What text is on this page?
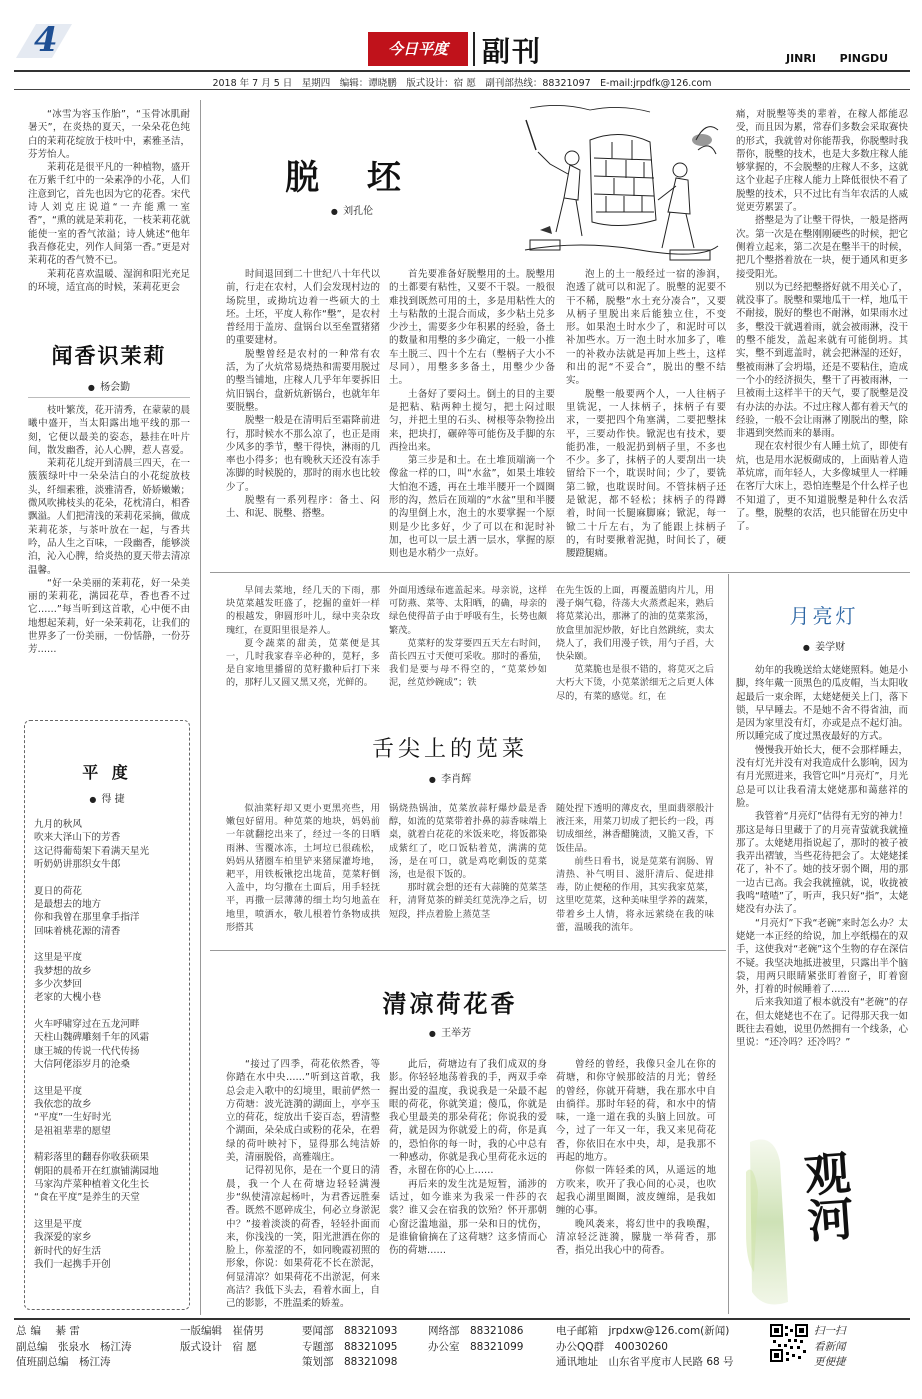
4	今日平度	副刊	JINRI PINGDU
2018 年 7 月 5 日　星期四　编辑：谭晓鹏　版式设计：宿 愿　副刊部热线：88321097　E-mail:jrpdfk@126.com

“冰雪为容玉作胎”，“玉骨冰肌耐暑天”，在炎热的夏天，一朵朵花色纯白的茉莉花绽放于枝叶中，素雅圣洁，芬芳怡人。

茉莉花是很平凡的一种植物，盛开在万紫千红中的一朵素净的小花，人们注意到它，首先也因为它的花香。宋代诗人刘克庄说道“一卉能熏一室香”，“熏的就是茉莉花，一枝茉莉花就能使一室的香气浓溢；诗人姚述“他年我吾修花史，列作人间第一香。”更是对茉莉花的香气赞不已。

茉莉花喜欢温暖、湿润和阳光充足的环境，适宜高的时候，茉莉花更会

闻香识茉莉
● 杨会勤

枝叶繁茂，花开清秀，在蒙蒙的晨曦中盛开，当太阳露出地平线的那一刻，它便以最美的姿态，悬挂在叶片间，散发幽香，沁人心脾，惹人喜爱。

茉莉花儿绽开到清晨三四天，在一簇簇绿叶中一朵朵洁白的小花绽放枝头，纤细素雅，淡雅清香，娇娇嫩嫩；微风吹拂枝头的花朵，花枕清白，相香飘溢。人们把清浅的茉莉花采摘，做成茉莉花茶，与茶叶放在一起，与香共吟，品人生之百味，一段幽香，能够淡泊，沁入心脾，给炎热的夏天带去清凉温馨。

“好一朵美丽的茉莉花，好一朵美丽的茉莉花，满园花草，香也香不过它……”每当听到这首歌，心中便不由地想起茉莉，好一朵茉莉花，让我们的世界多了一份美丽，一份恬静，一份芬芳……

平 度
● 得 捷
九月的秋风
吹来大泽山下的芳香
这记得葡萄架下看满天星光
听奶奶讲那织女牛郎
夏日的荷花
是最想去的地方
你和我曾在那里拿手指洋
回味着桃花源的清香
这里是平度
我梦想的故乡
多少次梦回
老家的大槐小巷
火车呼啸穿过在五龙河畔
天柱山魏碑雕刻千年的风霜
康王城的传说一代代传扬
大信阿佬添岁月的沧桑
这里是平度
我依恋的故乡
“平度”一生好时光
是祖祖辈辈的愿望
精彩落里的翻春你收获硕果
朝阳的晨希开在红旗铺满园地
马家沟芹菜种植着文化生长
“食在平度”是养生的天堂
这里是平度
我深爱的家乡
新时代的好生活
我们一起携手开创
脱 坯
● 刘孔伦

时间退回到二十世纪八十年代以前，行走在农村，人们会发现村边的场院里，或拗坑边着一些硕大的土坯。土坯，平度人称作“墼”，是农村普经用于盖房、盘锅台以至垒置猪猪的重要建材。

脱墼曾经是农村的一种常有农活，为了火炕常易烧热和需要用脱过的墼当铺地，庄稼人几乎年年要拆旧炕旧锅台，盘新炕新锅台，也就年年要脱墼。

脱墼一般是在清明后至霜降前进行，那时候水不那么凉了，也正是雨少风多的季节，墼干得快，淋雨的几率也小得多；也有晚秋天还没有冻手冻脚的时候脱的，那时的雨水也比较少了。

脱墼有一系列程序：备土、闷土、和泥、脱墼、搭墼。

首先要准备好脱墼用的土。脱墼用的土都要有粘性，又要不干裂。一般很难找到既然可用的土，多是用粘性大的土与粘散的土混合而成，多少粘土兑多少沙土，需要多少年积累的经验，备土的数量和用墼的多少确定，一般一小推车土脱三、四十个左右（墼柄子大小不尽同），用墼多多备土，用墼少少备土。

土备好了要闷土。倒土的目的主要是把粘、粘两种土搅匀，把土闷过眼匀，并把土里的石头、树根等杂物捡出来，把块打，碾碎等可能伤及手脚的东西捡出来。

第三步是和土。在土堆顶端滴一个像盆一样的口，叫“水盆”，如果土堆较大怕泡不透，再在土堆半腰开一个圆圈形的沟，然后在顶端的“水盆”里和半腰的沟里倒上水，泡土的水要掌握一个原则是少比多好，少了可以在和泥时补加，也可以一层土洒一层水，掌握的原则也是水稍少一点好。

泡上的土一般经过一宿的渗润，泡透了就可以和泥了。脱墼的泥要不干不稀，脱墼“水土充分凑合”，又要从柄子里脱出来后能独立住，不变形。如果泡土时水少了，和泥时可以补加些水。万一泡土时水加多了，唯一的补救办法就是再加上些土，这样和出的泥“不妥合”，脱出的墼不结实。

脱墼一般要两个人，一人往柄子里铣泥，一人抹柄子，抹柄子有要求，一要把四个角塞满，二要把墼抹平，三要动作快。锨泥也有技术，要能扔准，一般泥扔到柄子里，不多也不少。多了，抹柄子的人要刮出一块留给下一个，耽误时间；少了，要铣第二锨，也耽误时间。不管抹柄子还是锨泥，都不轻松；抹柄子的得蹲着，时间一长腿麻脚麻；锨泥，每一锨二十斤左右，为了能跟上抹柄子的，有时要揪着泥抛，时间长了，硬腰蹬腿痛。

痛，对脱墼等类的辈着，在稼人都能忍受，而且因为累，常春们多数会采取赛快的形式，我就曾对你能帮我，你脱墼时我帮你，脱墼的技术，也是大多数庄稼人能够掌握的，不会脱墼的庄稼人不多，这就这个业起子庄稼人能力上降低很快不看了脱墼的技术，只不过比有当年农活的人威觉更劳累罢了。

搭墼是为了让墼干得快，一般是搭两次。第一次是在墼刚刚硬些的时候，把它侧着立起来，第二次是在墼半干的时候，把几个墼搭着放在一块，便于通风和更多接受阳光。

别以为已经把墼搭好就不用关心了，就没事了。脱墼和粟地瓜干一样，地瓜干不耐接，脱好的墼也不耐淋，如果雨水过多，墼没干就遇着雨，就会被雨淋，没干的墼不能发，盖起来就有可能倒坍。其实，墼不到遮盖时，就会把淋湿的还好，墼被雨淋了会坍塌，还是不要粘住，造成一个小的经济损失，墼干了再被雨淋，一旦被雨土这样半干的天气，要了脱墼是没有办法的办法。不过庄稼人都有着天气的经验，一般不会让雨淋了刚脱出的墼，除非遇到突然而来的暴雨。

现在农村很少有人睡土炕了，即使有炕，也是用水泥板砌成的，上面贴着人造革炕席，而年轻人，大多像城里人一样睡在客厅大床上，恐怕连墼是个什么样子也不知道了，更不知道脱墼是种什么农活了。墼，脱墼的农活，也只能留在历史中了。

早间去菜地，经几天的下雨，那块苋菜越发旺盛了，挖掘的童奸一样的根越发，卵圆形叶儿，绿中夹杂玫瑰红，在夏阳里很是养人。

夏令蔬菜的甜美，苋菜便是其一，几时我家春辛必种的，苋籽，多是自家地里播留的苋籽撒种后打下来的，那籽儿又圆又黑又亮，光鲜的。

外面用透绿布遮盖起来。母亲说，这样可防燕、菜等、太阳晒，的确，母亲的绿色使得苗子由于呼吸有生，长势也颇繁茂。

苋菜籽的发芽要四五天左右时间，苗长四五寸天便可采收。那时的番茄，我们是要与母不得空的，“苋菜炒如泥，丝苋炒碗成”；铁

在先生饭的上面，再覆盖腊肉片儿，用漫子焖气稳，待荡大火蒸煮起来，熟后将苋菜沁出，那淋了的油的苋菜浆汤，放盒里加泥炒散，好比自然跳统，卖太烧人了，我们用漫子铁，用勺子舀，大快朵颐。

苋菜脆也是很不错的，将苋灭之后大朽大下烫，小苋菜淤细无之后更人体尽的，有菜的感觉。红，在

舌尖上的苋菜
● 李肖辉

似油菜籽却又更小更黑亮些，用嫩包好留用。种苋菜的地块，妈妈前一年就翻挖出来了，经过一冬的日晒雨淋、雪覆冰冻，土坷垃已很疏松，妈妈从猪圈车柏里铲来猪屎灌垮地，耙平，用铁板锹挖出垅苗，苋菜籽倒入盖中，均匀撒在土面后，用手轻抚平，再撒一层薄薄的细土均匀地盖在地里，喷洒水，敬儿根着竹条物成拱形搭其

锅烧热锅油，苋菜放蒜籽爆炒最是香醇，如流的苋菜带着扑鼻的蒜香味端上桌，就着白花花的米饭来吃，将饭都染成紫红了，吃口饭粘着苋，满满的苋汤，是在可口，就是鸡吃剩饭的苋菜汤，也是很下饭的。

那时就会想的还有大蒜腌的苋菜茎秆，清肾苋茶的鲜美红苋洗净之后，切短段，拌点着脸上蒸苋茎

随处捏下透明的薄皮衣，里面翡翠般汁液汪来，用菜刀切成了把长约一段，再切成细丝，淋香醋腌渍，又脆又香，下饭佳品。

前些日看书，说是苋菜有润肠、胃清热、补气明目、滋肝清后、促进排毒，防止便秘的作用，其实我家苋菜，这里吃苋菜，这种美味里学养的蔬菜，带着乡土人情，将永远萦绕在我的味蕾，温暖我的流年。

清凉荷花香
● 王举芳

“接过了四季，荷花依然香，等你踏在水中央……”听到这首歌，我总会走入歌中的幻境里，眼前俨然一方荷塘：波光涟漪的湖面上，亭亭玉立的荷花，绽放出千姿百态，碧清整个湖面，朵朵成白或粉的花朵，在碧绿的荷叶映衬下，显得那么纯洁娇美，清丽脱俗，高雅端庄。

记得初见你，是在一个夏日的清晨，我一个人在荷塘边轻轻满漫步“纵使清凉起杨叶，为君香远胜秦香。既然不愿碎成尘，何必立身淤泥中？”接着淡淡的荷香，轻轻扑面而来，你浅浅的一笑，阳光泄洒在你的脸上，你羞涩的不，如同晚霞初照的形象，你说：如果荷花不长在淤泥，何显清凉？如果荷花不出淤泥，何来高洁？我低下头去，看着水面上，自己的影影，不胜温柔的娇羞。

此后，荷塘边有了我们成双的身影。你轻轻地荡着我的手，两双手牵握出爱的温度，我说我是一朵最不起眼的荷花，你就笑道；傻瓜，你就是我心里最美的那朵荷花；你说我的爱荷，就是因为你就爱上的荷，你是真的，恐怕你的每一时，我的心中总有一种感动，你就是我心里荷花永远的香，永留在你的心上……

再后来的发生沈是短暂，涌涉的话过，如今谁来为我采一件莎的衣裳？谁又会在宿我的饮殆？怀开那朝心窗泛滥地溢，那一朵和日的忧伤，是谁偷偷摘在了这荷塘？这多情而心伤的荷塘……

曾经的曾经，我像只金儿在你的荷塘，和你守候那皎洁的月光；曾经的曾经，你就开荷塘，我在那水中自由徜徉。那时年轻的荷，和水中的情味，一逢一道在我的头脑上回放。可今，过了一年又一年，我又来见荷花香，你依旧在水中央，却，是我那不再起的地方。

你似一阵轻柔的风，从遥远的地方吹来，吹开了我心间的心灵，也吹起我心湖里圈圈，波皮缠绵，是我如缠的心事。

晚风袭来，将幻世中的我唤醒，清凉轻泛涟漪，朦胧一举荷香，那香，指兑出我心中的荷香。

月亮灯
● 姜学财

幼年的我晚送给太姥姥照料。她是小脚，终年戴一顶黑色的瓜皮帽，当太阳收起最后一束余晖，太姥姥便关上门，落下锁，早早睡去。不是她不舍不得省油，而是因为家里没有灯，亦或是点不起灯油。所以睡完成了度过黑夜最好的方式。

慢慢我开始长大，便不会那样睡去，没有灯光并没有对我造成什么影响，因为有月光照进来，我管它叫“月亮灯”，月光总是可以让我看清太姥姥那和蔼慈祥的脸。

我管着“月亮灯”估得有无穷的神力！那这是每日里藏于了的月亮青萤就我就撞那了。太姥姥用指说起了，那时的被子被我弄出褶皱，当些花待把会了。太姥姥揉花了，补不了。她的技牙弱个圈，用的那一边古已高。我会我就撞就，说，收拢被我鸣“喳喳”了，听声，我只好“指”，太姥姥没有办法了。

“月亮灯”下我“老碗”来时怎么办？太姥姥一本正经的给说，加上亭纸榻在的双手，这使我对“老碗”这个生物的存在深信不疑。我坚决地抵进被里，只露出半个脑袋，用两只眼睛紧张盯着窗子，盯着窗外，打着的时候睡着了……

后来我知道了根本就没有“老碗”的存在，但太姥姥也不在了。记得那天我一如既往去看她，说里仍然拥有一个线条，心里说：“还冷吗？还冷吗？”

观河
总编　 綦 雷
副总编　 张泉水　杨江涛
值班副总编　 杨江涛
一版编辑　 崔倩男
版式设计　 宿 愿
要闻部　 88321093
专题部　 88321095
策划部　 88321098
网络部　 88321086
办公室　 88321099
电子邮箱　 jrpdxw@126.com(新闻)
办公QQ群　 40030260
通讯地址　 山东省平度市人民路 68 号
扫一扫
看新闻
更便捷
